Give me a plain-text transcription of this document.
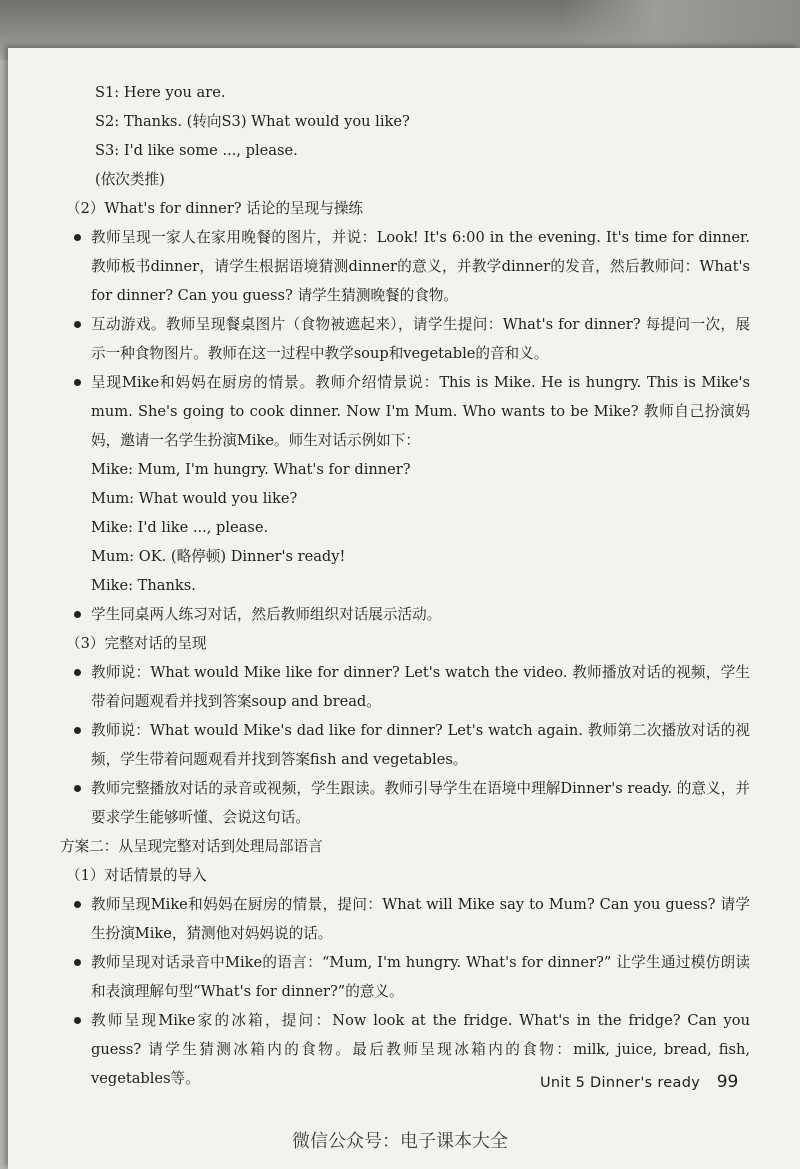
S1: Here you are.
S2: Thanks. (转向S3) What would you like?
S3: I'd like some ..., please.
(依次类推)
（2）What's for dinner? 话论的呈现与操练

教师呈现一家人在家用晚餐的图片，并说：Look! It's 6:00 in the evening. It's time for dinner. 教师板书dinner，请学生根据语境猜测dinner的意义，并教学dinner的发音，然后教师问：What's for dinner? Can you guess? 请学生猜测晚餐的食物。

互动游戏。教师呈现餐桌图片（食物被遮起来），请学生提问：What's for dinner? 每提问一次，展示一种食物图片。教师在这一过程中教学soup和vegetable的音和义。

呈现Mike和妈妈在厨房的情景。教师介绍情景说：This is Mike. He is hungry. This is Mike's mum. She's going to cook dinner. Now I'm Mum. Who wants to be Mike? 教师自己扮演妈妈，邀请一名学生扮演Mike。师生对话示例如下：

Mike: Mum, I'm hungry. What's for dinner?
Mum: What would you like?
Mike: I'd like ..., please.
Mum: OK. (略停顿) Dinner's ready!
Mike: Thanks.

学生同桌两人练习对话，然后教师组织对话展示活动。

（3）完整对话的呈现

教师说：What would Mike like for dinner? Let's watch the video. 教师播放对话的视频，学生带着问题观看并找到答案soup and bread。

教师说：What would Mike's dad like for dinner? Let's watch again. 教师第二次播放对话的视频，学生带着问题观看并找到答案fish and vegetables。

教师完整播放对话的录音或视频，学生跟读。教师引导学生在语境中理解Dinner's ready. 的意义，并要求学生能够听懂、会说这句话。

方案二：从呈现完整对话到处理局部语言
（1）对话情景的导入

教师呈现Mike和妈妈在厨房的情景，提问：What will Mike say to Mum? Can you guess? 请学生扮演Mike，猜测他对妈妈说的话。

教师呈现对话录音中Mike的语言：“Mum, I'm hungry. What's for dinner?” 让学生通过模仿朗读和表演理解句型“What's for dinner?”的意义。

教师呈现Mike家的冰箱，提问：Now look at the fridge. What's in the fridge? Can you guess? 请学生猜测冰箱内的食物。最后教师呈现冰箱内的食物：milk, juice, bread, fish, vegetables等。	Unit 5 Dinner's ready 99
微信公众号：电子课本大全
